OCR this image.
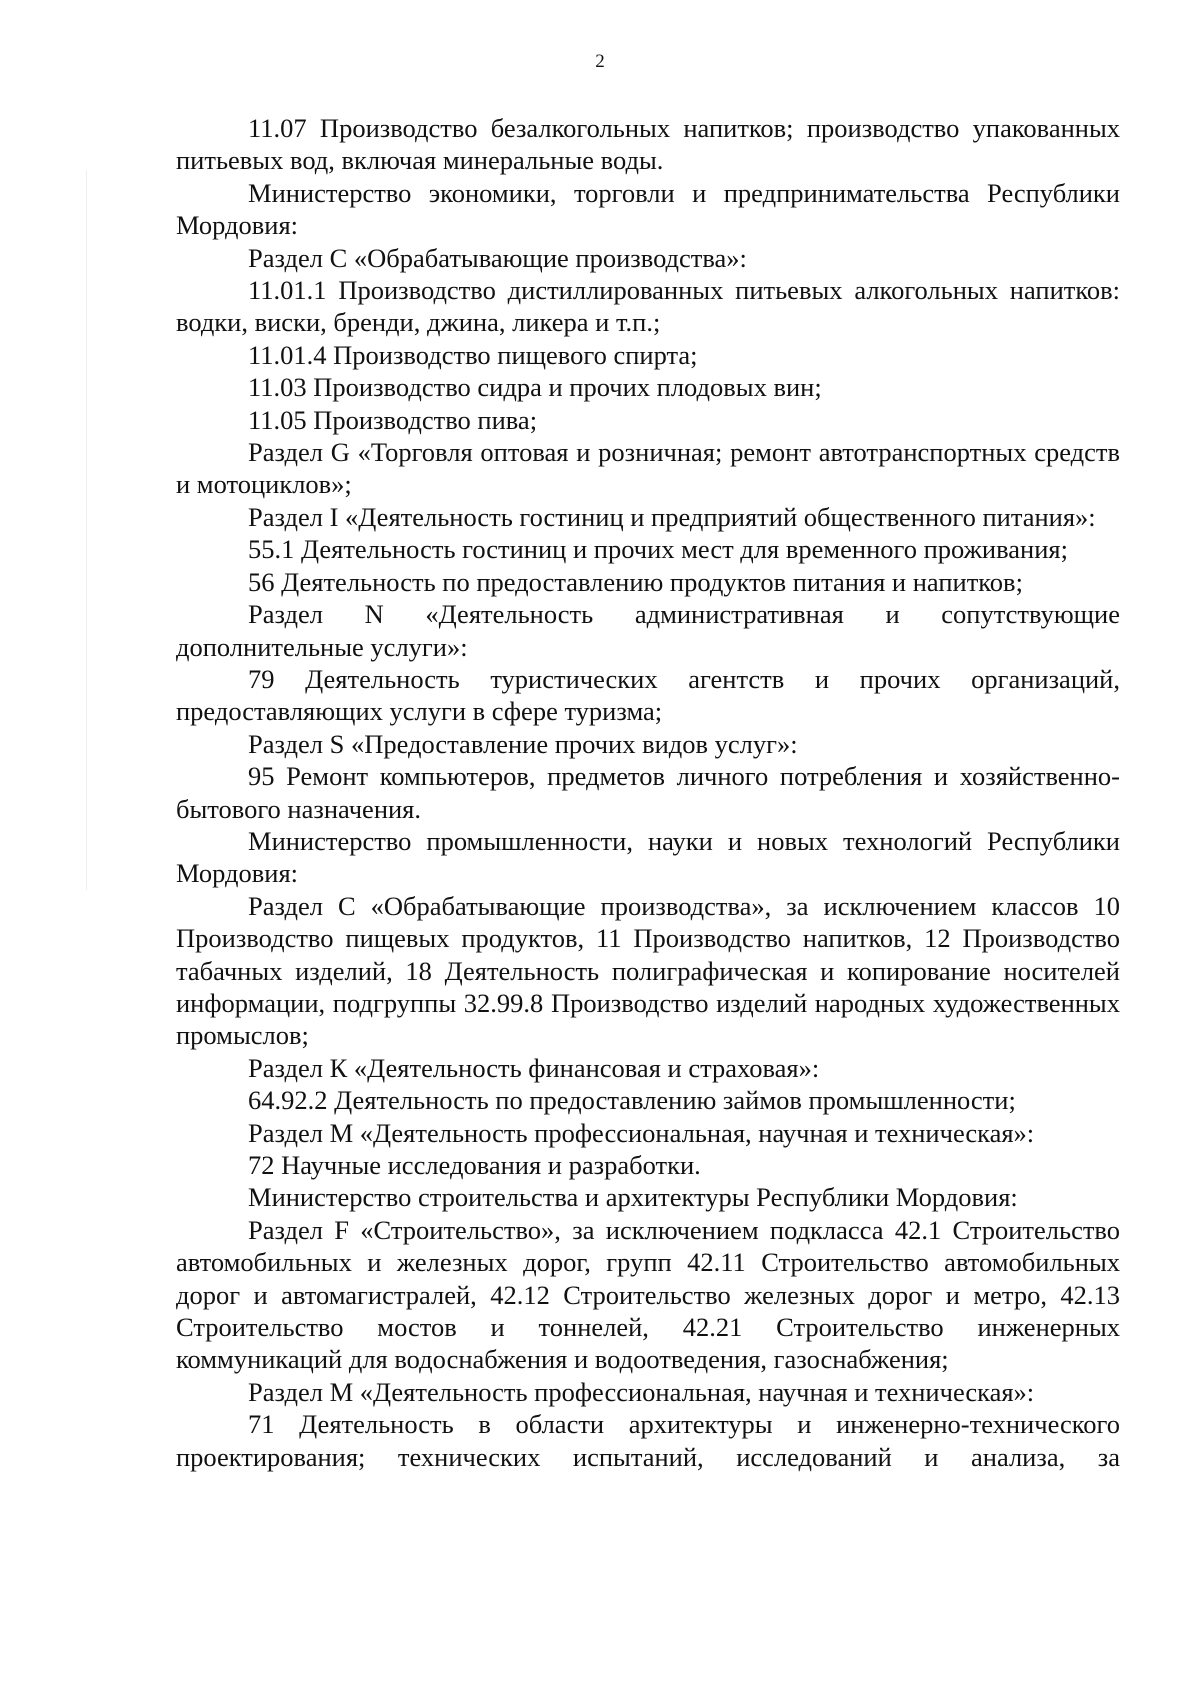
2

11.07 Производство безалкогольных напитков; производство упакованных питьевых вод, включая минеральные воды.

Министерство экономики, торговли и предпринимательства Республики Мордовия:

Раздел С «Обрабатывающие производства»:

11.01.1 Производство дистиллированных питьевых алкогольных напитков: водки, виски, бренди, джина, ликера и т.п.;

11.01.4 Производство пищевого спирта;

11.03 Производство сидра и прочих плодовых вин;

11.05 Производство пива;

Раздел G «Торговля оптовая и розничная; ремонт автотранспортных средств и мотоциклов»;

Раздел I «Деятельность гостиниц и предприятий общественного питания»:

55.1 Деятельность гостиниц и прочих мест для временного проживания;

56 Деятельность по предоставлению продуктов питания и напитков;

Раздел N «Деятельность административная и сопутствующие дополнительные услуги»:

79 Деятельность туристических агентств и прочих организаций, предоставляющих услуги в сфере туризма;

Раздел S «Предоставление прочих видов услуг»:

95 Ремонт компьютеров, предметов личного потребления и хозяйственно-бытового назначения.

Министерство промышленности, науки и новых технологий Республики Мордовия:

Раздел С «Обрабатывающие производства», за исключением классов 10 Производство пищевых продуктов, 11 Производство напитков, 12 Производство табачных изделий, 18 Деятельность полиграфическая и копирование носителей информации, подгруппы 32.99.8 Производство изделий народных художественных промыслов;

Раздел К «Деятельность финансовая и страховая»:

64.92.2 Деятельность по предоставлению займов промышленности;

Раздел М «Деятельность профессиональная, научная и техническая»:

72 Научные исследования и разработки.

Министерство строительства и архитектуры Республики Мордовия:

Раздел F «Строительство», за исключением подкласса 42.1 Строительство автомобильных и железных дорог, групп 42.11 Строительство автомобильных дорог и автомагистралей, 42.12 Строительство железных дорог и метро, 42.13 Строительство мостов и тоннелей, 42.21 Строительство инженерных коммуникаций для водоснабжения и водоотведения, газоснабжения;

Раздел М «Деятельность профессиональная, научная и техническая»:

71 Деятельность в области архитектуры и инженерно-технического проектирования; технических испытаний, исследований и анализа, за
